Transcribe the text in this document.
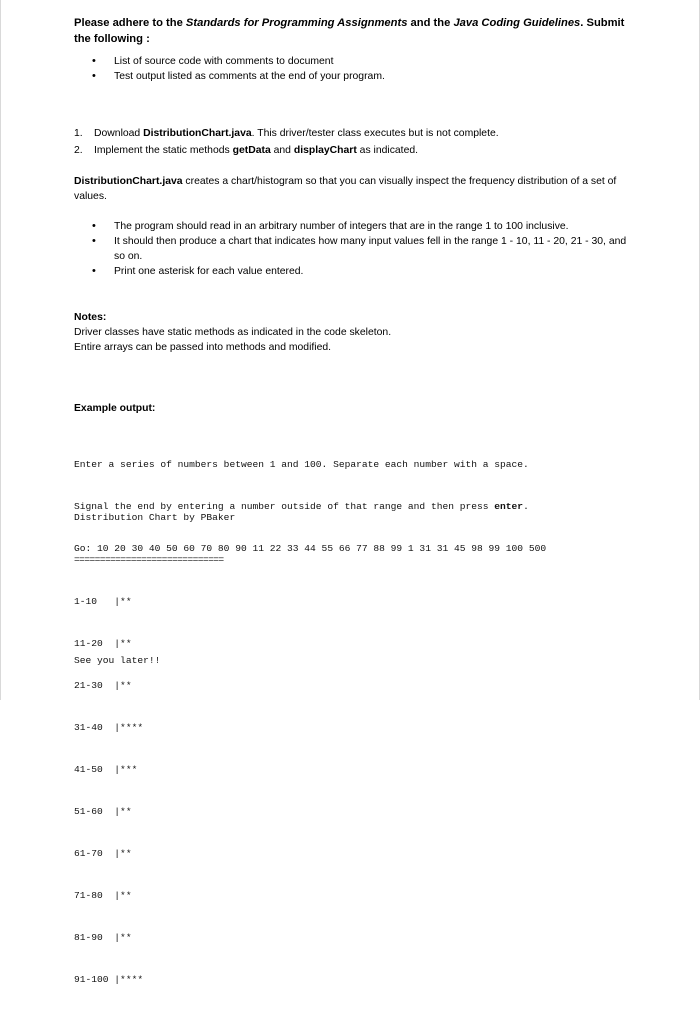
Please adhere to the Standards for Programming Assignments and the Java Coding Guidelines. Submit the following :
• List of source code with comments to document
• Test output listed as comments at the end of your program.
1. Download DistributionChart.java. This driver/tester class executes but is not complete.
2. Implement the static methods getData and displayChart as indicated.
DistributionChart.java creates a chart/histogram so that you can visually inspect the frequency distribution of a set of values.
• The program should read in an arbitrary number of integers that are in the range 1 to 100 inclusive.
• It should then produce a chart that indicates how many input values fell in the range 1 - 10, 11 - 20, 21 - 30, and so on.
• Print one asterisk for each value entered.
Notes:
Driver classes have static methods as indicated in the code skeleton.
Entire arrays can be passed into methods and modified.
Example output:

Enter a series of numbers between 1 and 100. Separate each number with a space.

Signal the end by entering a number outside of that range and then press enter.

Go: 10 20 30 40 50 60 70 80 90 11 22 33 44 55 66 77 88 99 1 31 31 45 98 99 100 500

Distribution Chart by PBaker

=============================

1-10   |**

11-20  |**

21-30  |**

31-40  |****

41-50  |***

51-60  |**

61-70  |**

71-80  |**

81-90  |**

91-100 |****

See you later!!
